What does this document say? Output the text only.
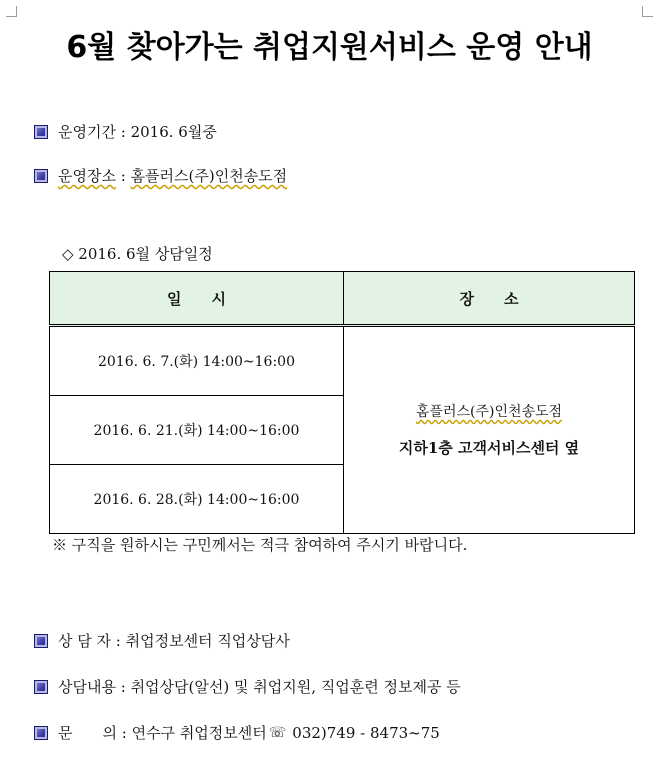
6월 찾아가는 취업지원서비스 운영 안내
운영기간 : 2016. 6월중
운영장소 : 홈플러스(주)인천송도점
◇ 2016. 6월 상담일정
일　　시	장　　소
2016. 6. 7.(화) 14:00~16:00	홈플러스(주)인천송도점
지하1층 고객서비스센터 옆

2016. 6. 21.(화) 14:00~16:00	
2016. 6. 28.(화) 14:00~16:00	
※ 구직을 원하시는 구민께서는 적극 참여하여 주시기 바랍니다.
상 담 자 : 취업정보센터 직업상담사
상담내용 : 취업상담(알선) 및 취업지원, 직업훈련 정보제공 등
문　　의 : 연수구 취업정보센터 ☏ 032)749 - 8473~75
